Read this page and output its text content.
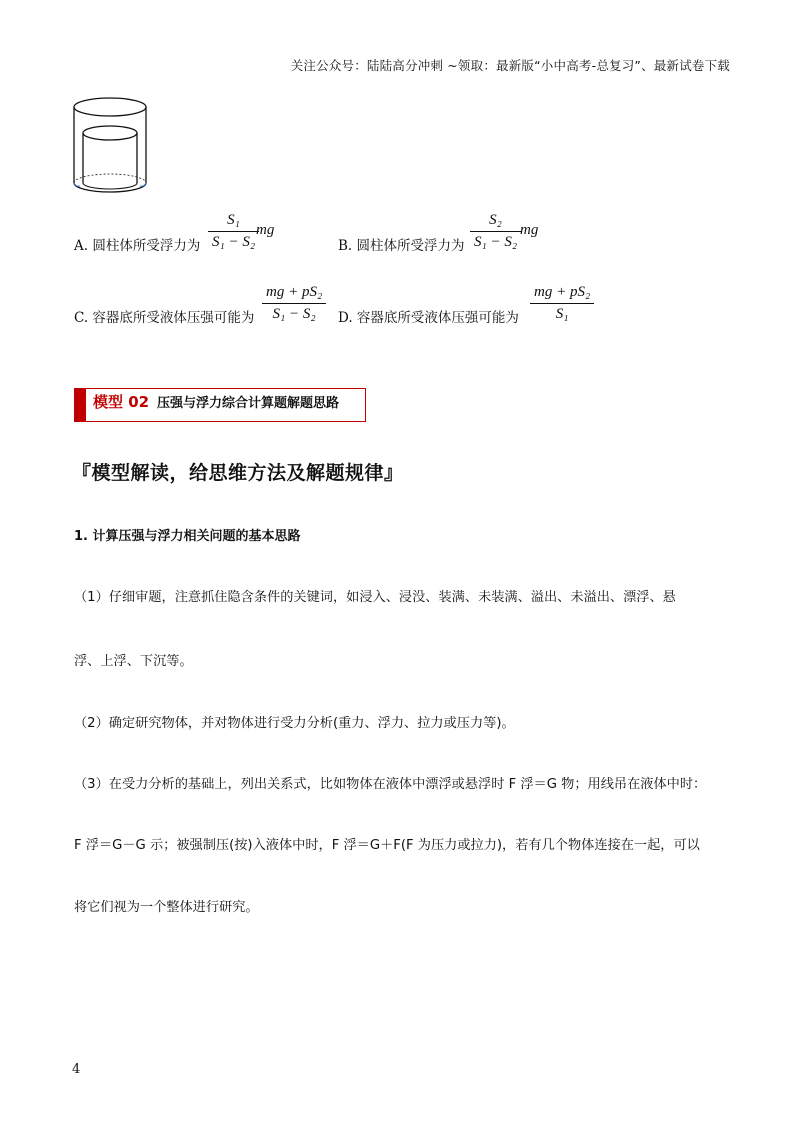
关注公众号：陆陆高分冲刺 ~领取：最新版“小中高考-总复习”、最新试卷下载
A. 圆柱体所受浮力为 $\frac{\text{S₁}}{\text{S₁ − S₂}}$
mg
B. 圆柱体所受浮力为 $\frac{\text{S₂}}{\text{S₁ − S₂}}$
mg
C. 容器底所受液体压强可能为 $\frac{\text{mg + pS₂}}{\text{S₁ − S₂}} D$. 容器底所受液体压强可能为 $\frac{\text{mg + pS₂}}{\text{S₁}}$
模型 02 压强与浮力综合计算题解题思路
『模型解读，给思维方法及解题规律』
1. 计算压强与浮力相关问题的基本思路
（1）仔细审题，注意抓住隐含条件的关键词，如浸入、浸没、装满、未装满、溢出、未溢出、漂浮、悬
浮、上浮、下沉等。
（2）确定研究物体，并对物体进行受力分析(重力、浮力、拉力或压力等)。
（3）在受力分析的基础上，列出关系式，比如物体在液体中漂浮或悬浮时 F 浮＝G 物；用线吊在液体中时：
F 浮＝G－G 示；被强制压(按)入液体中时，F 浮＝G＋F(F 为压力或拉力)，若有几个物体连接在一起，可以
将它们视为一个整体进行研究。
4
